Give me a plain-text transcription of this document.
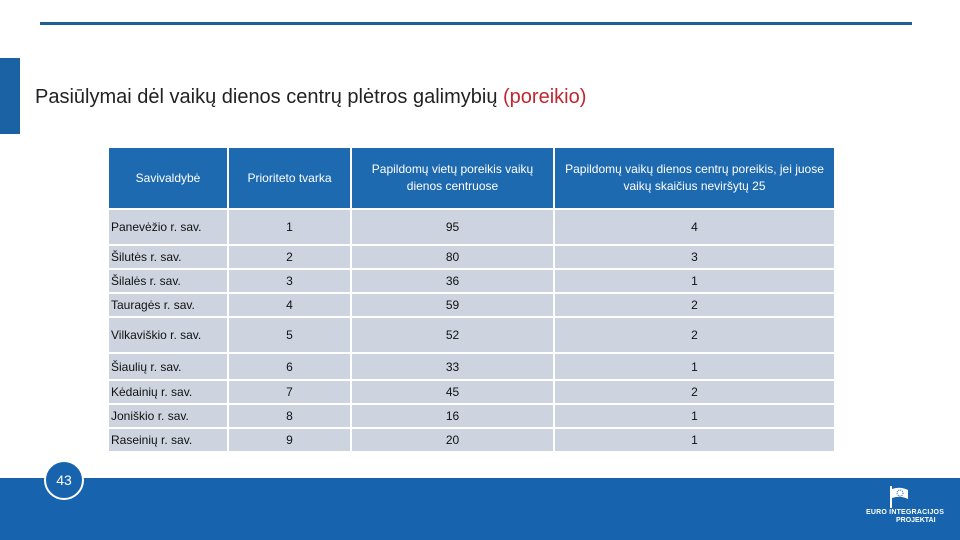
Pasiūlymai dėl vaikų dienos centrų plėtros galimybių (poreikio)
Savivaldybė	Prioriteto tvarka	Papildomų vietų poreikis vaikų dienos centruose	Papildomų vaikų dienos centrų poreikis, jei juose vaikų skaičius neviršytų 25
Panevėžio r. sav.	1	95	4
Šilutės r. sav.	2	80	3
Šilalės r. sav.	3	36	1
Tauragės r. sav.	4	59	2
Vilkaviškio r. sav.	5	52	2
Šiaulių r. sav.	6	33	1
Kėdainių r. sav.	7	45	2
Joniškio r. sav.	8	16	1
Raseinių r. sav.	9	20	1
43
EURO INTEGRACIJOS
PROJEKTAI
